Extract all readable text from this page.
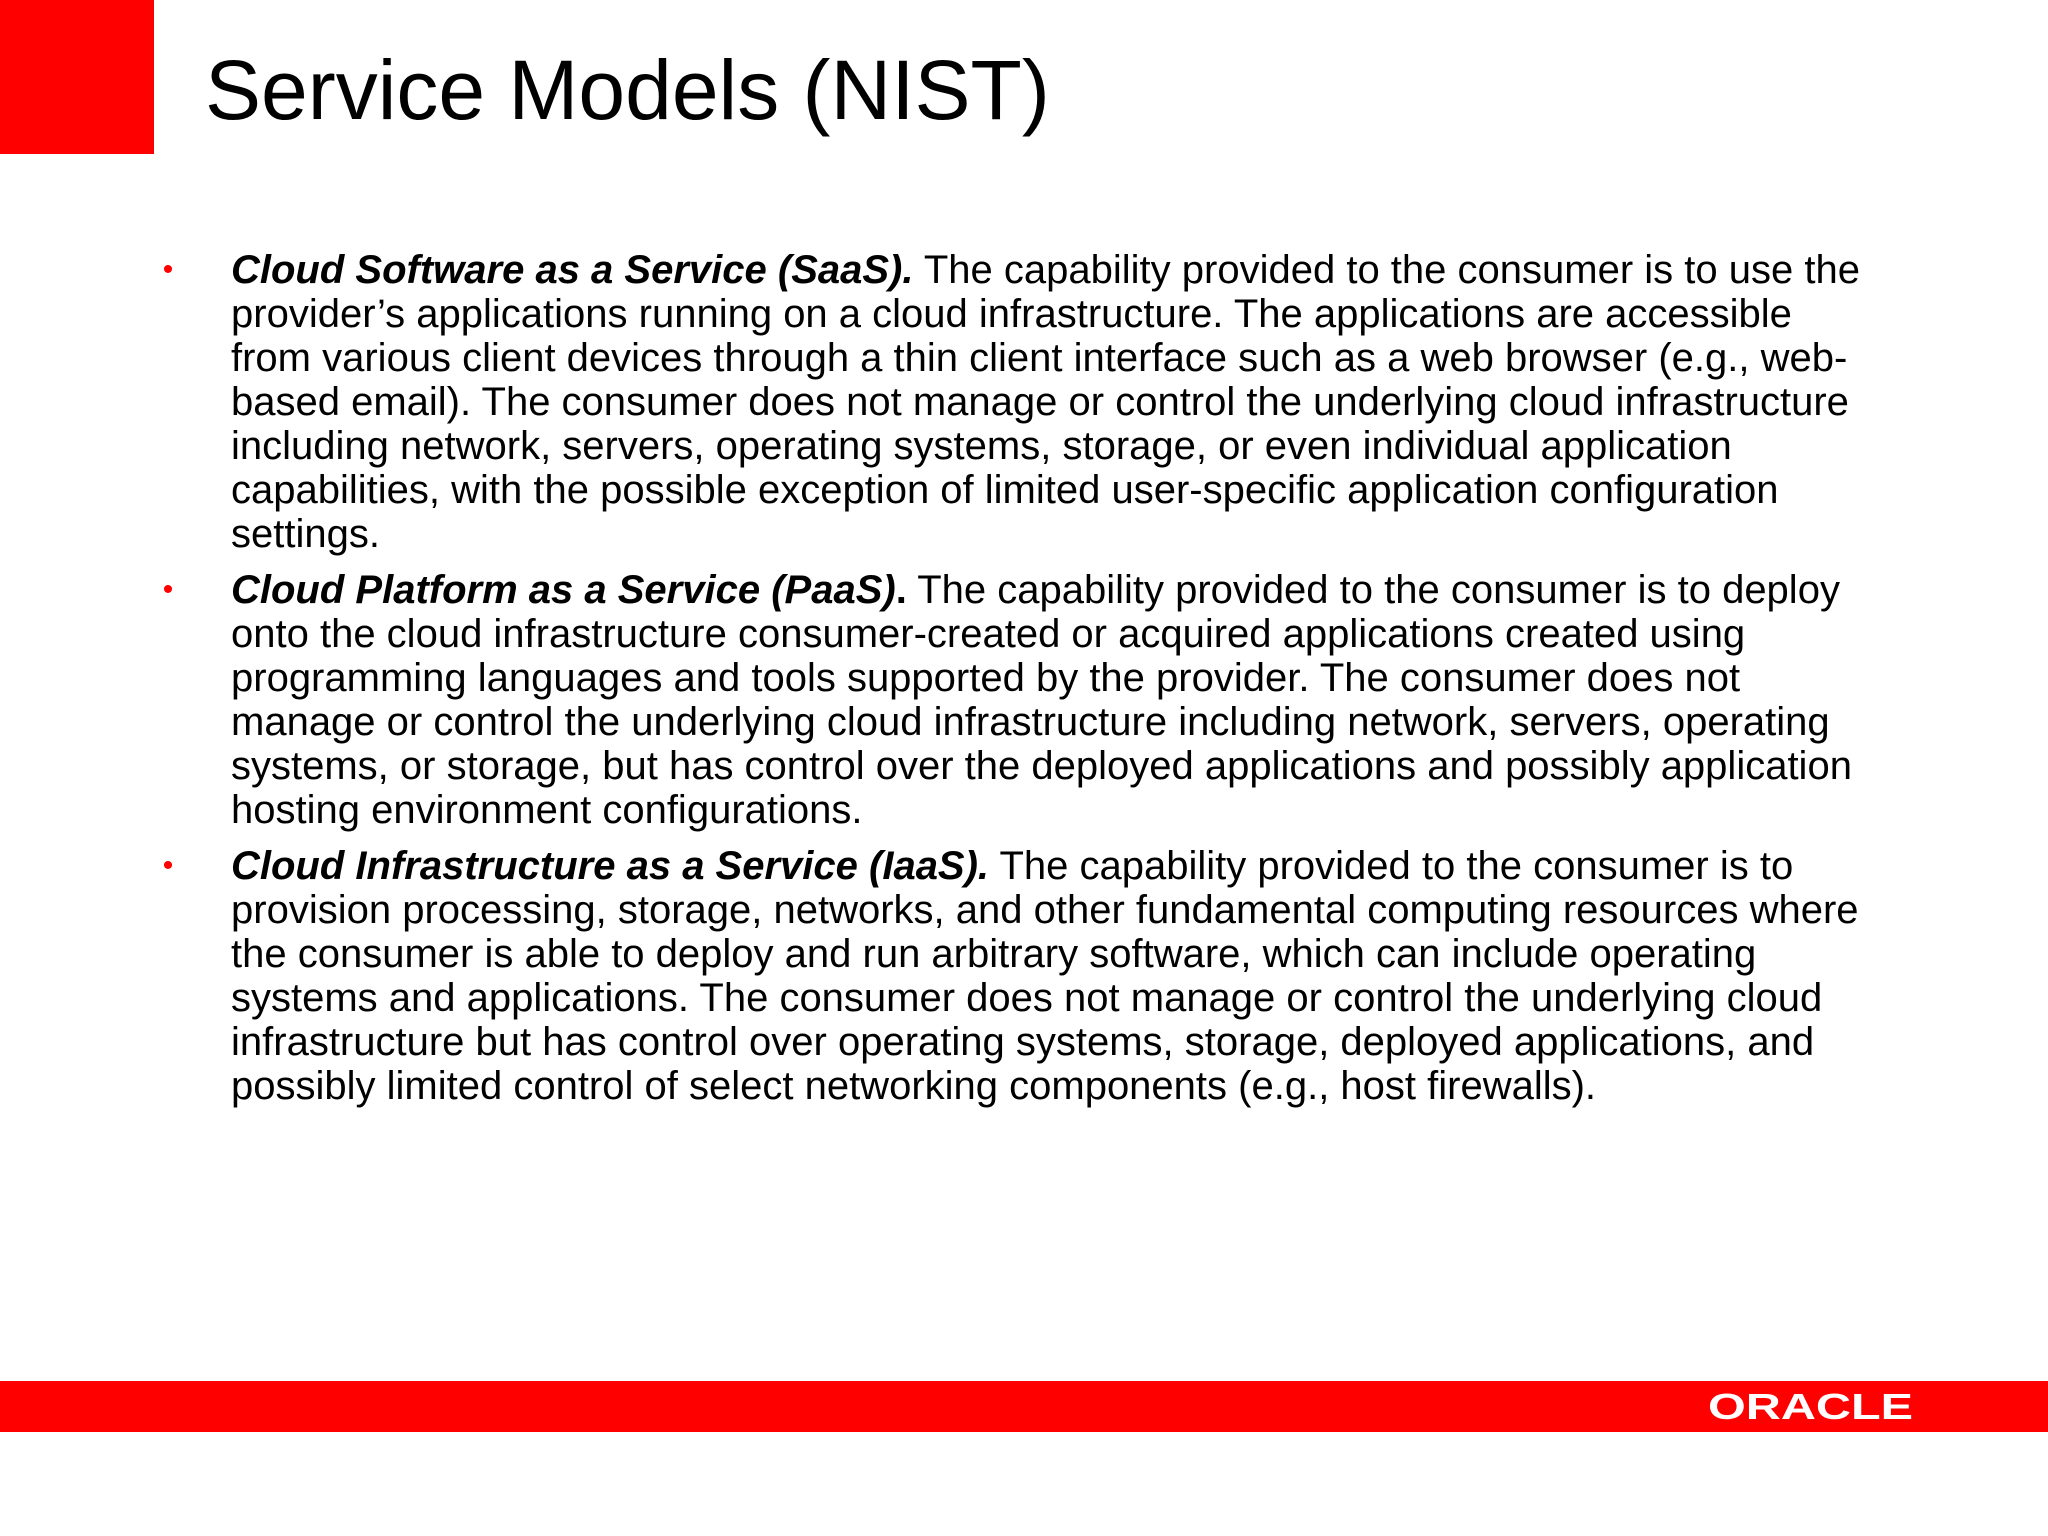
Service Models (NIST)
• Cloud Software as a Service (SaaS). The capability provided to the consumer is to use the provider’s applications running on a cloud infrastructure. The applications are accessible from various client devices through a thin client interface such as a web browser (e.g., web-based email). The consumer does not manage or control the underlying cloud infrastructure including network, servers, operating systems, storage, or even individual application capabilities, with the possible exception of limited user-specific application configuration settings.
• Cloud Platform as a Service (PaaS). The capability provided to the consumer is to deploy onto the cloud infrastructure consumer-created or acquired applications created using programming languages and tools supported by the provider. The consumer does not manage or control the underlying cloud infrastructure including network, servers, operating systems, or storage, but has control over the deployed applications and possibly application hosting environment configurations.
• Cloud Infrastructure as a Service (IaaS). The capability provided to the consumer is to provision processing, storage, networks, and other fundamental computing resources where the consumer is able to deploy and run arbitrary software, which can include operating systems and applications. The consumer does not manage or control the underlying cloud infrastructure but has control over operating systems, storage, deployed applications, and possibly limited control of select networking components (e.g., host firewalls).
ORACLE
